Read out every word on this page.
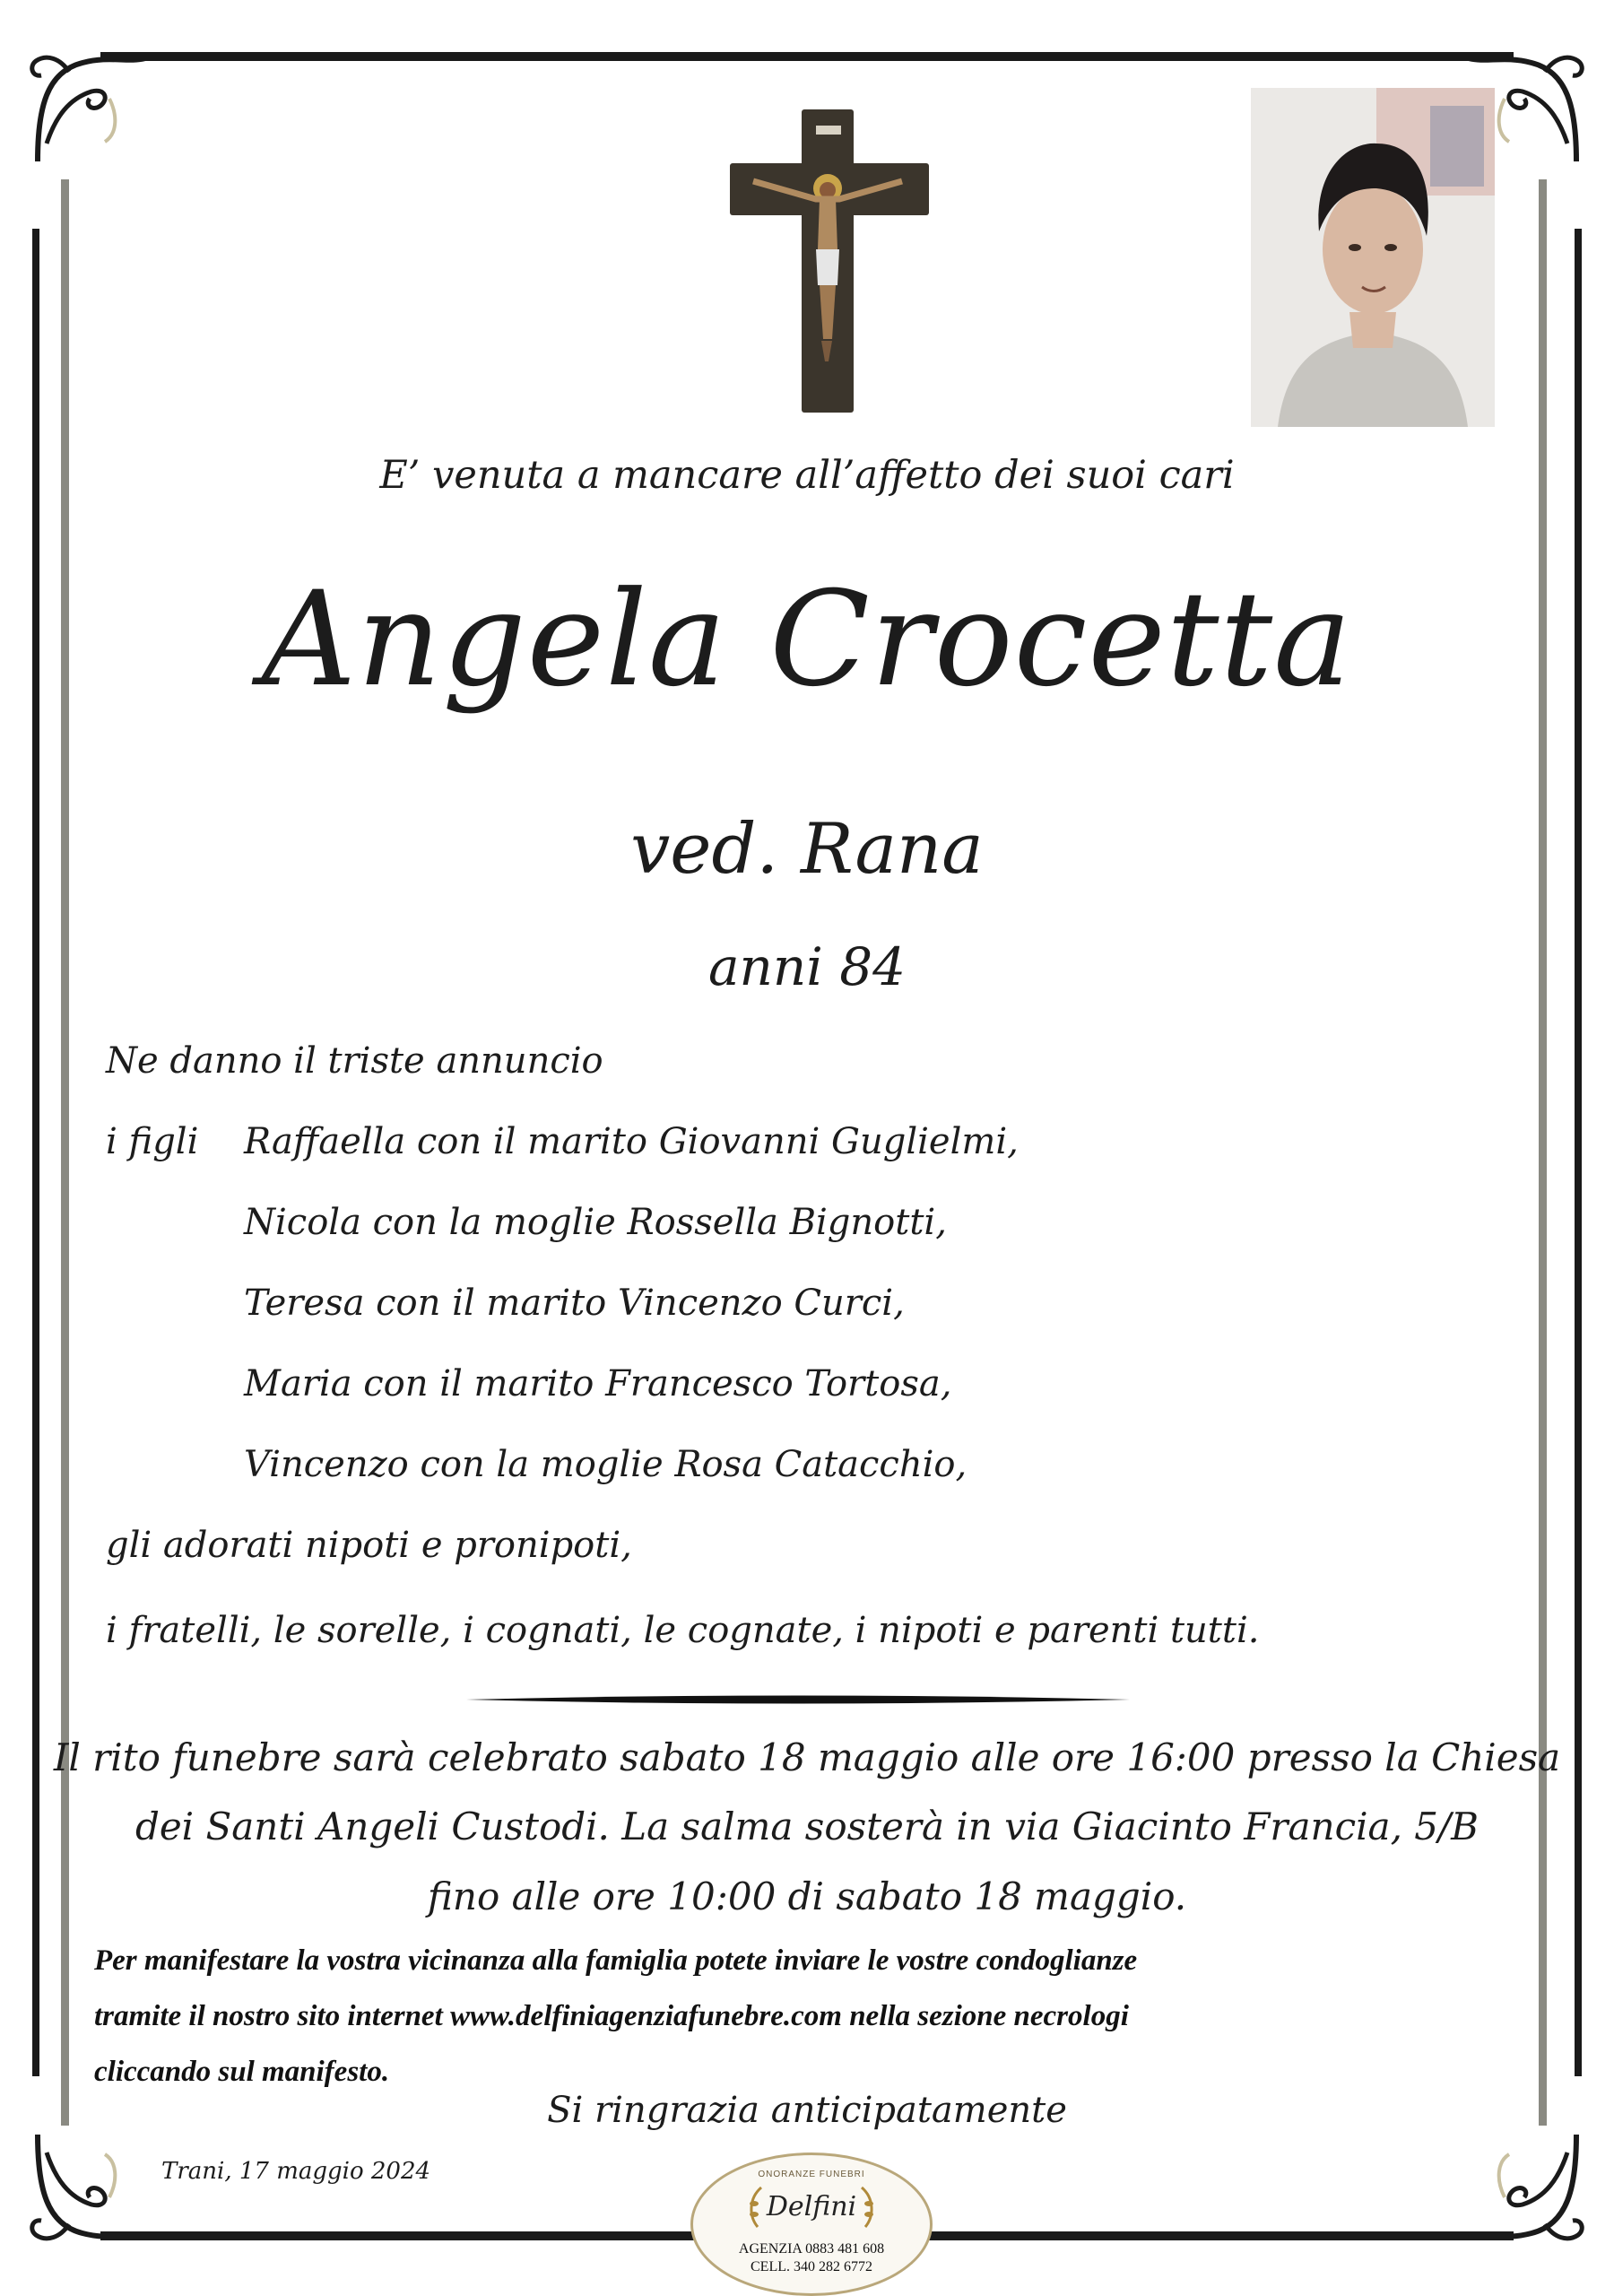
E’ venuta a mancare all’affetto dei suoi cari
Angela Crocetta
ved. Rana
anni 84
Ne danno il triste annuncio
i figli Raffaella con il marito Giovanni Guglielmi,
Nicola con la moglie Rossella Bignotti,
Teresa con il marito Vincenzo Curci,
Maria con il marito Francesco Tortosa,
Vincenzo con la moglie Rosa Catacchio,
gli adorati nipoti e pronipoti,
i fratelli, le sorelle, i cognati, le cognate, i nipoti e parenti tutti.
Il rito funebre sarà celebrato sabato 18 maggio alle ore 16:00 presso la Chiesa
dei Santi Angeli Custodi. La salma sosterà in via Giacinto Francia, 5/B
fino alle ore 10:00 di sabato 18 maggio.
Per manifestare la vostra vicinanza alla famiglia potete inviare le vostre condoglianze
tramite il nostro sito internet www.delfiniagenziafunebre.com nella sezione necrologi
cliccando sul manifesto.
Si ringrazia anticipatamente
Trani, 17 maggio 2024	ONORANZE FUNEBRI
Delfini
AGENZIA 0883 481 608
CELL. 340 282 6772
